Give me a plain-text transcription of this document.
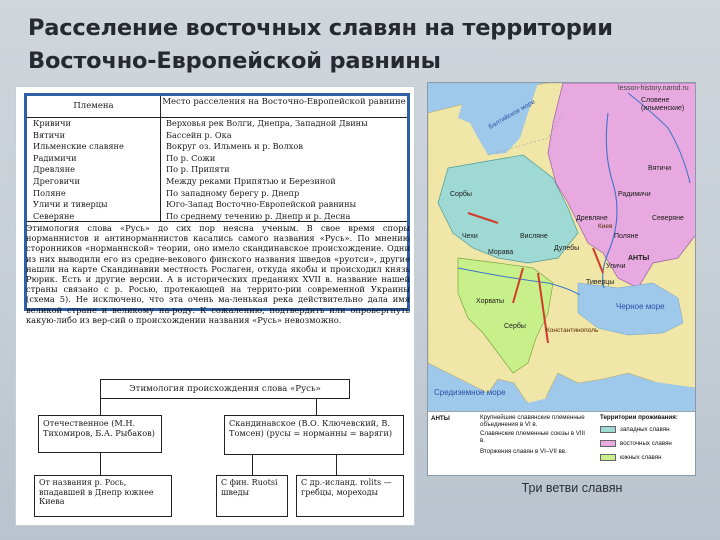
Расселение восточных славян на территории Восточно-Европейской равнины
Племена	Место расселения на Восточно-Европейской равнине
Кривичи	Верховья рек Волги, Днепра, Западной Двины
Вятичи	Бассейн р. Ока
Ильменские славяне	Вокруг оз. Ильмень и р. Волхов
Радимичи	По р. Сожи
Древляне	По р. Припяти
Дреговичи	Между реками Припятью и Березиной
Поляне	По западному берегу р. Днепр
Уличи и тиверцы	Юго-Запад Восточно-Европейской равнины
Северяне	По среднему течению р. Днепр и р. Десна
Этимология слова «Русь» до сих пор неясна ученым. В свое время споры норманнистов и антинорманнистов касались самого названия «Русь». По мнению сторонников «норманнской» теории, оно имело скандинавское происхождение. Одни из них выводили его из средне-векового финского названия шведов «руотси», другие нашли на карте Скандинавии местность Рослаген, откуда якобы и происходил князь Рюрик. Есть и другие версии. А в исторических преданиях XVII в. название нашей страны связано с р. Росью, протекающей на террито-рии современной Украины (схема 5). Не исключено, что эта очень ма-ленькая река действительно дала имя великой стране и великому на-роду. К сожалению, подтвердить или опровергнуть какую-либо из вер-сий о происхождении названия «Русь» невозможно.
Этимология происхождения слова «Русь»
Отечественное (М.Н. Тихомиров, Б.А. Рыбаков)
Скандинавское (В.О. Ключевский, В. Томсен) (русы = норманны = варяги)
От названия р. Рось, впадавшей в Днепр южнее Киева
С фин. Ruotsi шведы
С др.-исланд. rolits — гребцы, мореходы
lesson-history.narod.ru
Словене (ильменские)
Балтийское море
Вятичи
Радимичи
Северяне
Древляне
Поляне
Киев
Дулебы
Уличи
Тиверцы
Сорбы
Висляне
Чехи
Морава
Хорваты
Сербы
АНТЫ
Константинополь
Черное море
Средиземное море
АНТЫ	Крупнейшие славянские племенные объединения в VI в.
Славянские племенные союзы в VIII в.
Вторжения славян в VI–VII вв.
Территории проживания:
западных славян
восточных славян
южных славян
Три ветви славян
